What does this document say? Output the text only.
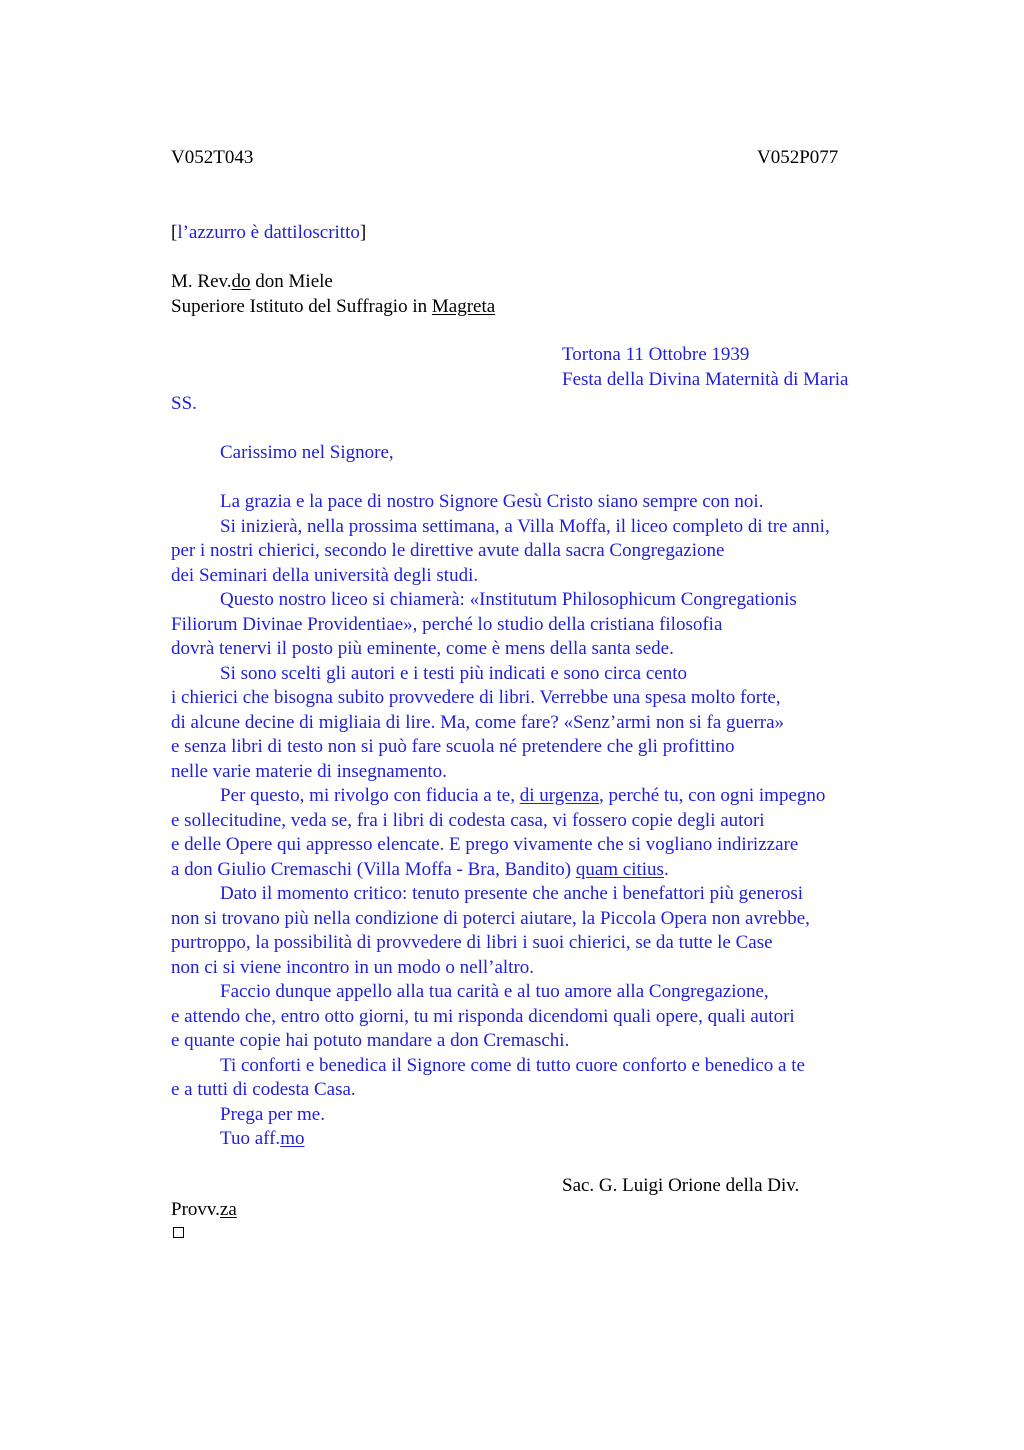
V052T043	V052P077
[l’azzurro è dattiloscritto]
M. Rev.do don Miele
Superiore Istituto del Suffragio in Magreta
Tortona 11 Ottobre 1939
Festa della Divina Maternità di Maria
SS.
Carissimo nel Signore,
La grazia e la pace di nostro Signore Gesù Cristo siano sempre con noi.
Si inizierà, nella prossima settimana, a Villa Moffa, il liceo completo di tre anni,
per i nostri chierici, secondo le direttive avute dalla sacra Congregazione
dei Seminari della università degli studi.
Questo nostro liceo si chiamerà: «Institutum Philosophicum Congregationis
Filiorum Divinae Providentiae», perché lo studio della cristiana filosofia
dovrà tenervi il posto più eminente, come è mens della santa sede.
Si sono scelti gli autori e i testi più indicati e sono circa cento
i chierici che bisogna subito provvedere di libri. Verrebbe una spesa molto forte,
di alcune decine di migliaia di lire. Ma, come fare? «Senz’armi non si fa guerra»
e senza libri di testo non si può fare scuola né pretendere che gli profittino
nelle varie materie di insegnamento.
Per questo, mi rivolgo con fiducia a te, di urgenza, perché tu, con ogni impegno
e sollecitudine, veda se, fra i libri di codesta casa, vi fossero copie degli autori
e delle Opere qui appresso elencate. E prego vivamente che si vogliano indirizzare
a don Giulio Cremaschi (Villa Moffa - Bra, Bandito) quam citius.
Dato il momento critico: tenuto presente che anche i benefattori più generosi
non si trovano più nella condizione di poterci aiutare, la Piccola Opera non avrebbe,
purtroppo, la possibilità di provvedere di libri i suoi chierici, se da tutte le Case
non ci si viene incontro in un modo o nell’altro.
Faccio dunque appello alla tua carità e al tuo amore alla Congregazione,
e attendo che, entro otto giorni, tu mi risponda dicendomi quali opere, quali autori
e quante copie hai potuto mandare a don Cremaschi.
Ti conforti e benedica il Signore come di tutto cuore conforto e benedico a te
e a tutti di codesta Casa.
Prega per me.
Tuo aff.mo
Sac. G. Luigi Orione della Div.
Provv.za
